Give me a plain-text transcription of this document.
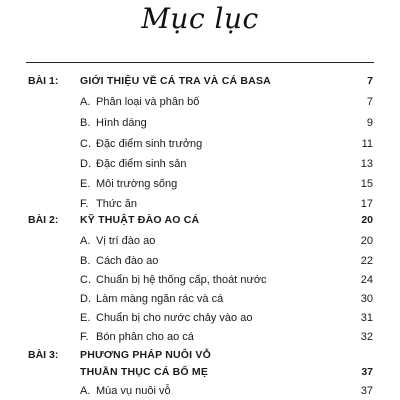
Mục lục
BÀI 1: GIỚI THIỆU VỀ CÁ TRA VÀ CÁ BASA	7
A. Phân loại và phân bố	7
B. Hình dáng	9
C. Đặc điểm sinh trưởng	11
D. Đặc điểm sinh sản	13
E. Môi trường sống	15
F. Thức ăn	17
BÀI 2: KỸ THUẬT ĐÀO AO CÁ	20
A. Vị trí đào ao	20
B. Cách đào ao	22
C. Chuẩn bị hệ thống cấp, thoát nước	24
D. Làm màng ngăn rác và cá	30
E. Chuẩn bị cho nước chảy vào ao	31
F. Bón phân cho ao cá	32
BÀI 3: PHƯƠNG PHÁP NUÔI VỖ
THUẦN THỤC CÁ BỐ MẸ	37
A. Mùa vụ nuôi vỗ	37
